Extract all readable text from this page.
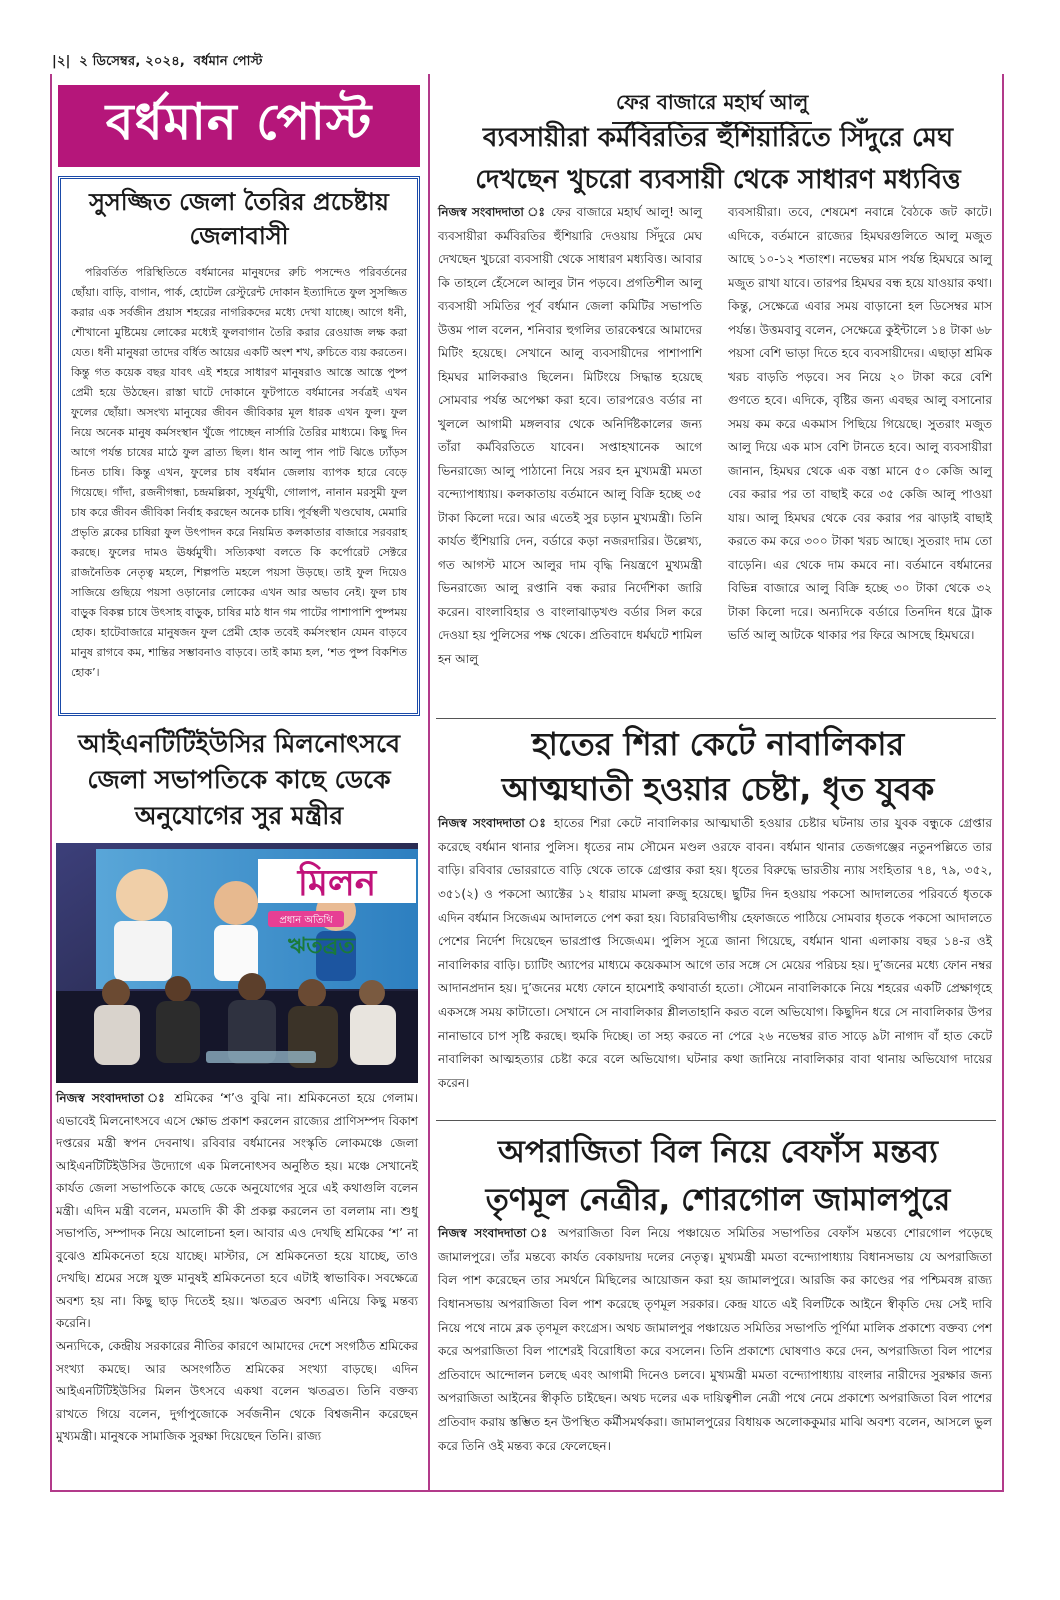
|২| ২ ডিসেম্বর, ২০২৪, বর্ধমান পোস্ট
বর্ধমান পোস্ট
সুসজ্জিত জেলা তৈরির প্রচেষ্টায় জেলাবাসী

পরিবর্তিত পরিস্থিতিতে বর্ধমানের মানুষদের রুচি পসন্দেও পরিবর্তনের ছোঁয়া। বাড়ি, বাগান, পার্ক, হোটেল রেস্টুরেন্ট দোকান ইত্যাদিতে ফুল সুসজ্জিত করার এক সর্বজীন প্রয়াস শহরের নাগরিকদের মধ্যে দেখা যাচ্ছে। আগে ধনী, শৌখানো মুষ্টিমেয় লোকের মধ্যেই ফুলবাগান তৈরি করার রেওয়াজ লক্ষ করা যেত। ধনী মানুষরা তাদের বর্ধিত আয়ের একটি অংশ শখ, রুচিতে ব্যয় করতেন। কিন্তু গত কয়েক বছর যাবৎ এই শহরে সাধারণ মানুষরাও আস্তে আস্তে পুষ্প প্রেমী হয়ে উঠছেন। রাস্তা ঘাটে দোকানে ফুটপাতে বর্ধমানের সর্বত্রই এখন ফুলের ছোঁয়া। অসংখ্য মানুষের জীবন জীবিকার মূল ধারক এখন ফুল। ফুল নিয়ে অনেক মানুষ কর্মসংস্থান খুঁজে পাচ্ছেন নার্সারি তৈরির মাধ্যমে। কিছু দিন আগে পর্যন্ত চাষের মাঠে ফুল ব্রাত্য ছিল। ধান আলু পান পাট ঝিঙে ঢ্যাঁড়স চিনত চাষি। কিন্তু এখন, ফুলের চাষ বর্ধমান জেলায় ব্যাপক হারে বেড়ে গিয়েছে। গাঁদা, রজনীগন্ধা, চন্দ্রমল্লিকা, সূর্যমুখী, গোলাপ, নানান মরসুমী ফুল চাষ করে জীবন জীবিকা নির্বাহ করছেন অনেক চাষি। পূর্বস্থলী খণ্ডঘোষ, মেমারি প্রভৃতি ব্লকের চাষিরা ফুল উৎপাদন করে নিয়মিত কলকাতার বাজারে সরবরাহ করছে। ফুলের দামও ঊর্ধ্বমুখী। সত্যিকথা বলতে কি কর্পোরেট সেক্টরে রাজনৈতিক নেতৃত্ব মহলে, শিল্পপতি মহলে পয়সা উড়ছে। তাই ফুল দিয়েও সাজিয়ে গুছিয়ে পয়সা ওড়ানোর লোকের এখন আর অভাব নেই। ফুল চাষ বাড়ুক বিকল্প চাষে উৎসাহ বাড়ুক, চাষির মাঠ ধান গম পাটের পাশাপাশি পুষ্পময় হোক। হাটেবাজারে মানুষজন ফুল প্রেমী হোক তবেই কর্মসংস্থান যেমন বাড়বে মানুষ রাগবে কম, শান্তির সম্ভাবনাও বাড়বে। তাই কাম্য হল, ‘শত পুষ্প বিকশিত হোক’।

আইএনটিটিইউসির মিলনোৎসবে
জেলা সভাপতিকে কাছে ডেকে
অনুযোগের সুর মন্ত্রীর
মিলন
প্রধান অতিথি
ঋতব্রত

নিজস্ব সংবাদদাতা ঃ শ্রমিকের ‘শ’ও বুঝি না। শ্রমিকনেতা হয়ে গেলাম। এভাবেই মিলনোৎসবে এসে ক্ষোভ প্রকাশ করলেন রাজ্যের প্রাণিসম্পদ বিকাশ দপ্তরের মন্ত্রী স্বপন দেবনাথ। রবিবার বর্ধমানের সংস্কৃতি লোকমঞ্চে জেলা আইএনটিটিইউসির উদ্যোগে এক মিলনোৎসব অনুষ্ঠিত হয়। মঞ্চে সেখানেই কার্যত জেলা সভাপতিকে কাছে ডেকে অনুযোগের সুরে এই কথাগুলি বলেন মন্ত্রী। এদিন মন্ত্রী বলেন, মমতাদি কী কী প্রকল্প করলেন তা বললাম না। শুধু সভাপতি, সম্পাদক নিয়ে আলোচনা হল। আবার এও দেখছি শ্রমিকের ‘শ’ না বুঝেও শ্রমিকনেতা হয়ে যাচ্ছে। মাস্টার, সে শ্রমিকনেতা হয়ে যাচ্ছে, তাও দেখছি। শ্রমের সঙ্গে যুক্ত মানুষই শ্রমিকনেতা হবে এটাই স্বাভাবিক। সবক্ষেত্রে অবশ্য হয় না। কিছু ছাড় দিতেই হয়।। ঋতব্রত অবশ্য এনিয়ে কিছু মন্তব্য করেনি।

অন্যদিকে, কেন্দ্রীয় সরকারের নীতির কারণে আমাদের দেশে সংগঠিত শ্রমিকের সংখ্যা কমছে। আর অসংগঠিত শ্রমিকের সংখ্যা বাড়ছে। এদিন আইএনটিটিইউসির মিলন উৎসবে একথা বলেন ঋতব্রত। তিনি বক্তব্য রাখতে গিয়ে বলেন, দুর্গাপুজোকে সর্বজনীন থেকে বিশ্বজনীন করেছেন মুখ্যমন্ত্রী। মানুষকে সামাজিক সুরক্ষা দিয়েছেন তিনি। রাজ্য

ফের বাজারে মহার্ঘ আলু
ব্যবসায়ীরা কর্মবিরতির হুঁশিয়ারিতে সিঁদুরে মেঘ
দেখছেন খুচরো ব্যবসায়ী থেকে সাধারণ মধ্যবিত্ত
নিজস্ব সংবাদদাতা ঃ ফের বাজারে মহার্ঘ আলু! আলু ব্যবসায়ীরা কর্মবিরতির হুঁশিয়ারি দেওয়ায় সিঁদুরে মেঘ দেখছেন খুচরো ব্যবসায়ী থেকে সাধারণ মধ্যবিত্ত। আবার কি তাহলে হেঁসেলে আলুর টান পড়বে। প্রগতিশীল আলু ব্যবসায়ী সমিতির পূর্ব বর্ধমান জেলা কমিটির সভাপতি উত্তম পাল বলেন, শনিবার হুগলির তারকেশ্বরে আমাদের মিটিং হয়েছে। সেখানে আলু ব্যবসায়ীদের পাশাপাশি হিমঘর মালিকরাও ছিলেন। মিটিংয়ে সিদ্ধান্ত হয়েছে সোমবার পর্যন্ত অপেক্ষা করা হবে। তারপরেও বর্ডার না খুললে আগামী মঙ্গলবার থেকে অনির্দিষ্টকালের জন্য তাঁরা কর্মবিরতিতে যাবেন। সপ্তাহখানেক আগে ভিনরাজ্যে আলু পাঠানো নিয়ে সরব হন মুখ্যমন্ত্রী মমতা বন্দ্যোপাধ্যায়। কলকাতায় বর্তমানে আলু বিক্রি হচ্ছে ৩৫ টাকা কিলো দরে। আর এতেই সুর চড়ান মুখ্যমন্ত্রী। তিনি কার্যত হুঁশিয়ারি দেন, বর্ডারে কড়া নজরদারির। উল্লেখ্য, গত আগস্ট মাসে আলুর দাম বৃদ্ধি নিয়ন্ত্রণে মুখ্যমন্ত্রী ভিনরাজ্যে আলু রপ্তানি বন্ধ করার নির্দেশিকা জারি করেন। বাংলাবিহার ও বাংলাঝাড়খণ্ড বর্ডার সিল করে দেওয়া হয় পুলিসের পক্ষ থেকে। প্রতিবাদে ধর্মঘটে শামিল হন আলু
ব্যবসায়ীরা। তবে, শেষমেশ নবান্নে বৈঠকে জট কাটে। এদিকে, বর্তমানে রাজ্যের হিমঘরগুলিতে আলু মজুত আছে ১০-১২ শতাংশ। নভেম্বর মাস পর্যন্ত হিমঘরে আলু মজুত রাখা যাবে। তারপর হিমঘর বন্ধ হয়ে যাওয়ার কথা। কিন্তু, সেক্ষেত্রে এবার সময় বাড়ানো হল ডিসেম্বর মাস পর্যন্ত। উত্তমবাবু বলেন, সেক্ষেত্রে কুইন্টালে ১৪ টাকা ৬৮ পয়সা বেশি ভাড়া দিতে হবে ব্যবসায়ীদের। এছাড়া শ্রমিক খরচ বাড়তি পড়বে। সব নিয়ে ২০ টাকা করে বেশি গুণতে হবে। এদিকে, বৃষ্টির জন্য এবছর আলু বসানোর সময় কম করে একমাস পিছিয়ে গিয়েছে। সুতরাং মজুত আলু দিয়ে এক মাস বেশি টানতে হবে। আলু ব্যবসায়ীরা জানান, হিমঘর থেকে এক বস্তা মানে ৫০ কেজি আলু বের করার পর তা বাছাই করে ৩৫ কেজি আলু পাওয়া যায়। আলু হিমঘর থেকে বের করার পর ঝাড়াই বাছাই করতে কম করে ৩০০ টাকা খরচ আছে। সুতরাং দাম তো বাড়েনি। এর থেকে দাম কমবে না। বর্তমানে বর্ধমানের বিভিন্ন বাজারে আলু বিক্রি হচ্ছে ৩০ টাকা থেকে ৩২ টাকা কিলো দরে। অন্যদিকে বর্ডারে তিনদিন ধরে ট্রাক ভর্তি আলু আটকে থাকার পর ফিরে আসছে হিমঘরে।
হাতের শিরা কেটে নাবালিকার
আত্মঘাতী হওয়ার চেষ্টা, ধৃত যুবক
নিজস্ব সংবাদদাতা ঃ হাতের শিরা কেটে নাবালিকার আত্মঘাতী হওয়ার চেষ্টার ঘটনায় তার যুবক বন্ধুকে গ্রেপ্তার করেছে বর্ধমান থানার পুলিস। ধৃতের নাম সৌমেন মণ্ডল ওরফে বাবন। বর্ধমান থানার তেজগঞ্জের নতুনপল্লিতে তার বাড়ি। রবিবার ভোররাতে বাড়ি থেকে তাকে গ্রেপ্তার করা হয়। ধৃতের বিরুদ্ধে ভারতীয় ন্যায় সংহিতার ৭৪, ৭৯, ৩৫২, ৩৫১(২) ও পকসো অ্যাক্টের ১২ ধারায় মামলা রুজু হয়েছে। ছুটির দিন হওয়ায় পকসো আদালতের পরিবর্তে ধৃতকে এদিন বর্ধমান সিজেএম আদালতে পেশ করা হয়। বিচারবিভাগীয় হেফাজতে পাঠিয়ে সোমবার ধৃতকে পকসো আদালতে পেশের নির্দেশ দিয়েছেন ভারপ্রাপ্ত সিজেএম। পুলিস সূত্রে জানা গিয়েছে, বর্ধমান থানা এলাকায় বছর ১৪-র ওই নাবালিকার বাড়ি। চ্যাটিং অ্যাপের মাধ্যমে কয়েকমাস আগে তার সঙ্গে সে মেয়ের পরিচয় হয়। দু’জনের মধ্যে ফোন নম্বর আদানপ্রদান হয়। দু’জনের মধ্যে ফোনে হামেশাই কথাবার্তা হতো। সৌমেন নাবালিকাকে নিয়ে শহরের একটি প্রেক্ষাগৃহে একসঙ্গে সময় কাটাতো। সেখানে সে নাবালিকার শ্লীলতাহানি করত বলে অভিযোগ। কিছুদিন ধরে সে নাবালিকার উপর নানাভাবে চাপ সৃষ্টি করছে। হুমকি দিচ্ছে। তা সহ্য করতে না পেরে ২৬ নভেম্বর রাত সাড়ে ৯টা নাগাদ বাঁ হাত কেটে নাবালিকা আত্মহত্যার চেষ্টা করে বলে অভিযোগ। ঘটনার কথা জানিয়ে নাবালিকার বাবা থানায় অভিযোগ দায়ের করেন।
অপরাজিতা বিল নিয়ে বেফাঁস মন্তব্য
তৃণমূল নেত্রীর, শোরগোল জামালপুরে
নিজস্ব সংবাদদাতা ঃ অপরাজিতা বিল নিয়ে পঞ্চায়েত সমিতির সভাপতির বেফাঁস মন্তব্যে শোরগোল পড়েছে জামালপুরে। তাঁর মন্তব্যে কার্যত বেকায়দায় দলের নেতৃত্ব। মুখ্যমন্ত্রী মমতা বন্দ্যোপাধ্যায় বিধানসভায় যে অপরাজিতা বিল পাশ করেছেন তার সমর্থনে মিছিলের আয়োজন করা হয় জামালপুরে। আরজি কর কাণ্ডের পর পশ্চিমবঙ্গ রাজ্য বিধানসভায় অপরাজিতা বিল পাশ করেছে তৃণমূল সরকার। কেন্দ্র যাতে এই বিলটিকে আইনে স্বীকৃতি দেয় সেই দাবি নিয়ে পথে নামে ব্লক তৃণমূল কংগ্রেস। অথচ জামালপুর পঞ্চায়েত সমিতির সভাপতি পূর্ণিমা মালিক প্রকাশ্যে বক্তব্য পেশ করে অপরাজিতা বিল পাশেরই বিরোধিতা করে বসলেন। তিনি প্রকাশ্যে ঘোষণাও করে দেন, অপরাজিতা বিল পাশের প্রতিবাদে আন্দোলন চলছে এবং আগামী দিনেও চলবে। মুখ্যমন্ত্রী মমতা বন্দ্যোপাধ্যায় বাংলার নারীদের সুরক্ষার জন্য অপরাজিতা আইনের স্বীকৃতি চাইছেন। অথচ দলের এক দায়িত্বশীল নেত্রী পথে নেমে প্রকাশ্যে অপরাজিতা বিল পাশের প্রতিবাদ করায় স্তম্ভিত হন উপস্থিত কর্মীসমর্থকরা। জামালপুরের বিধায়ক অলোককুমার মাঝি অবশ্য বলেন, আসলে ভুল করে তিনি ওই মন্তব্য করে ফেলেছেন।
